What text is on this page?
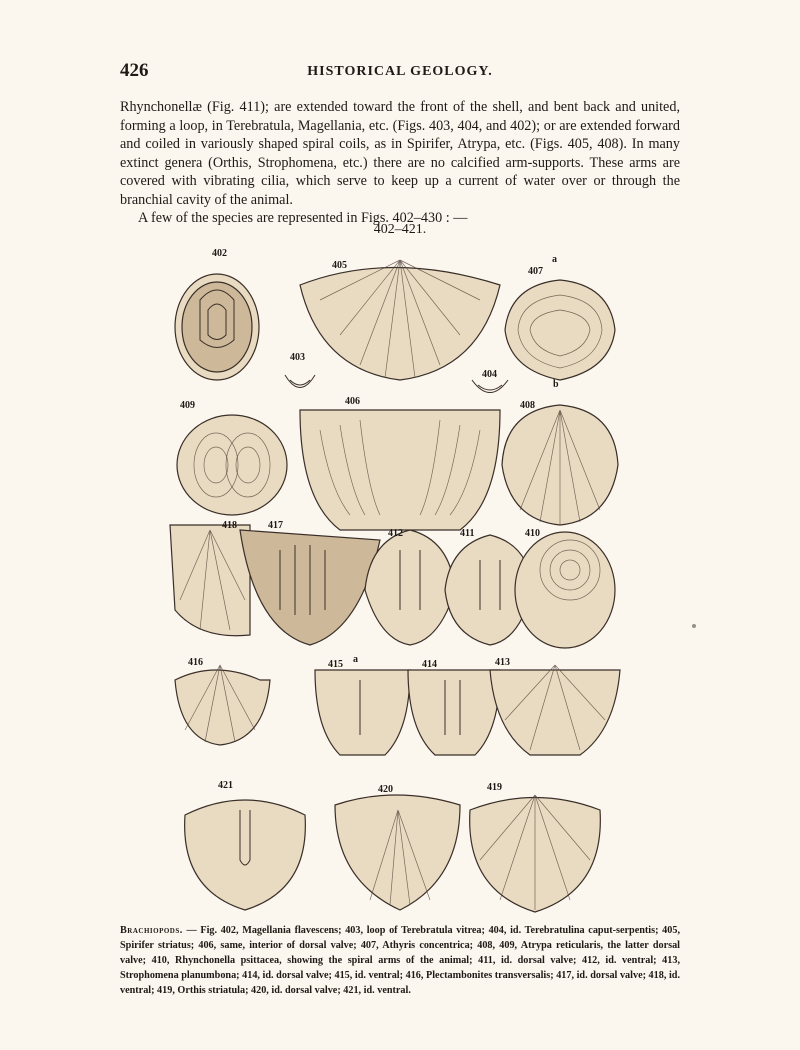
426	HISTORICAL GEOLOGY.

Rhynchonellæ (Fig. 411); are extended toward the front of the shell, and bent back and united, forming a loop, in Terebratula, Magellania, etc. (Figs. 403, 404, and 402); or are extended forward and coiled in variously shaped spiral coils, as in Spirifer, Atrypa, etc. (Figs. 405, 408). In many extinct genera (Orthis, Strophomena, etc.) there are no calcified arm-supports. These arms are covered with vibrating cilia, which serve to keep up a current of water over or through the branchial cavity of the animal.

A few of the species are represented in Figs. 402–430 : —

402–421.
402
405
407
a
403
404
b
409	406	408
418	417
412	411	410
416	415 a	414	413
421	420	419
Brachiopods. — Fig. 402, Magellania flavescens; 403, loop of Terebratula vitrea; 404, id. Terebratulina caput-serpentis; 405, Spirifer striatus; 406, same, interior of dorsal valve; 407, Athyris concentrica; 408, 409, Atrypa reticularis, the latter dorsal valve; 410, Rhynchonella psittacea, showing the spiral arms of the animal; 411, id. dorsal valve; 412, id. ventral; 413, Strophomena planumbona; 414, id. dorsal valve; 415, id. ventral; 416, Plectambonites transversalis; 417, id. dorsal valve; 418, id. ventral; 419, Orthis striatula; 420, id. dorsal valve; 421, id. ventral.
